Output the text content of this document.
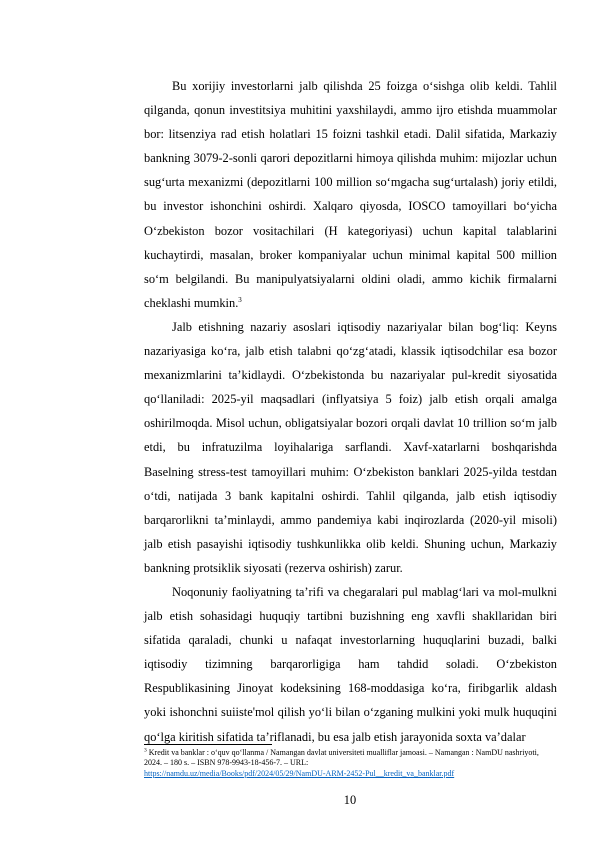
Bu xorijiy investorlarni jalb qilishda 25 foizga o‘sishga olib keldi. Tahlil qilganda, qonun investitsiya muhitini yaxshilaydi, ammo ijro etishda muammolar bor: litsenziya rad etish holatlari 15 foizni tashkil etadi. Dalil sifatida, Markaziy bankning 3079-2-sonli qarori depozitlarni himoya qilishda muhim: mijozlar uchun sug‘urta mexanizmi (depozitlarni 100 million so‘mgacha sug‘urtalash) joriy etildi, bu investor ishonchini oshirdi. Xalqaro qiyosda, IOSCO tamoyillari bo‘yicha O‘zbekiston bozor vositachilari (H kategoriyasi) uchun kapital talablarini kuchaytirdi, masalan, broker kompaniyalar uchun minimal kapital 500 million so‘m belgilandi. Bu manipulyatsiyalarni oldini oladi, ammo kichik firmalarni cheklashi mumkin.$^3$

Jalb etishning nazariy asoslari iqtisodiy nazariyalar bilan bog‘liq: Keyns nazariyasiga ko‘ra, jalb etish talabni qo‘zg‘atadi, klassik iqtisodchilar esa bozor mexanizmlarini ta’kidlaydi. O‘zbekistonda bu nazariyalar pul-kredit siyosatida qo‘llaniladi: 2025-yil maqsadlari (inflyatsiya 5 foiz) jalb etish orqali amalga oshirilmoqda. Misol uchun, obligatsiyalar bozori orqali davlat 10 trillion so‘m jalb etdi, bu infratuzilma loyihalariga sarflandi. Xavf-xatarlarni boshqarishda Baselning stress-test tamoyillari muhim: O‘zbekiston banklari 2025-yilda testdan o‘tdi, natijada 3 bank kapitalni oshirdi. Tahlil qilganda, jalb etish iqtisodiy barqarorlikni ta’minlaydi, ammo pandemiya kabi inqirozlarda (2020-yil misoli) jalb etish pasayishi iqtisodiy tushkunlikka olib keldi. Shuning uchun, Markaziy bankning protsiklik siyosati (rezerva oshirish) zarur.

Noqonuniy faoliyatning ta’rifi va chegaralari pul mablag‘lari va mol-mulkni jalb etish sohasidagi huquqiy tartibni buzishning eng xavfli shakllaridan biri sifatida qaraladi, chunki u nafaqat investorlarning huquqlarini buzadi, balki iqtisodiy tizimning barqarorligiga ham tahdid soladi. O‘zbekiston Respublikasining Jinoyat kodeksining 168-moddasiga ko‘ra, firibgarlik aldash yoki ishonchni suiiste'mol qilish yo‘li bilan o‘zganing mulkini yoki mulk huquqini qo‘lga kiritish sifatida ta’riflanadi, bu esa jalb etish jarayonida soxta va’dalar

$^3$ Kredit va banklar : o‘quv qo‘llanma / Namangan davlat universiteti mualliflar jamoasi. – Namangan : NamDU nashriyoti, 2024. – 180 s. – ISBN 978-9943-18-456-7. – URL:
https://namdu.uz/media/Books/pdf/2024/05/29/NamDU-ARM-2452-Pul__kredit_va_banklar.pdf

10
